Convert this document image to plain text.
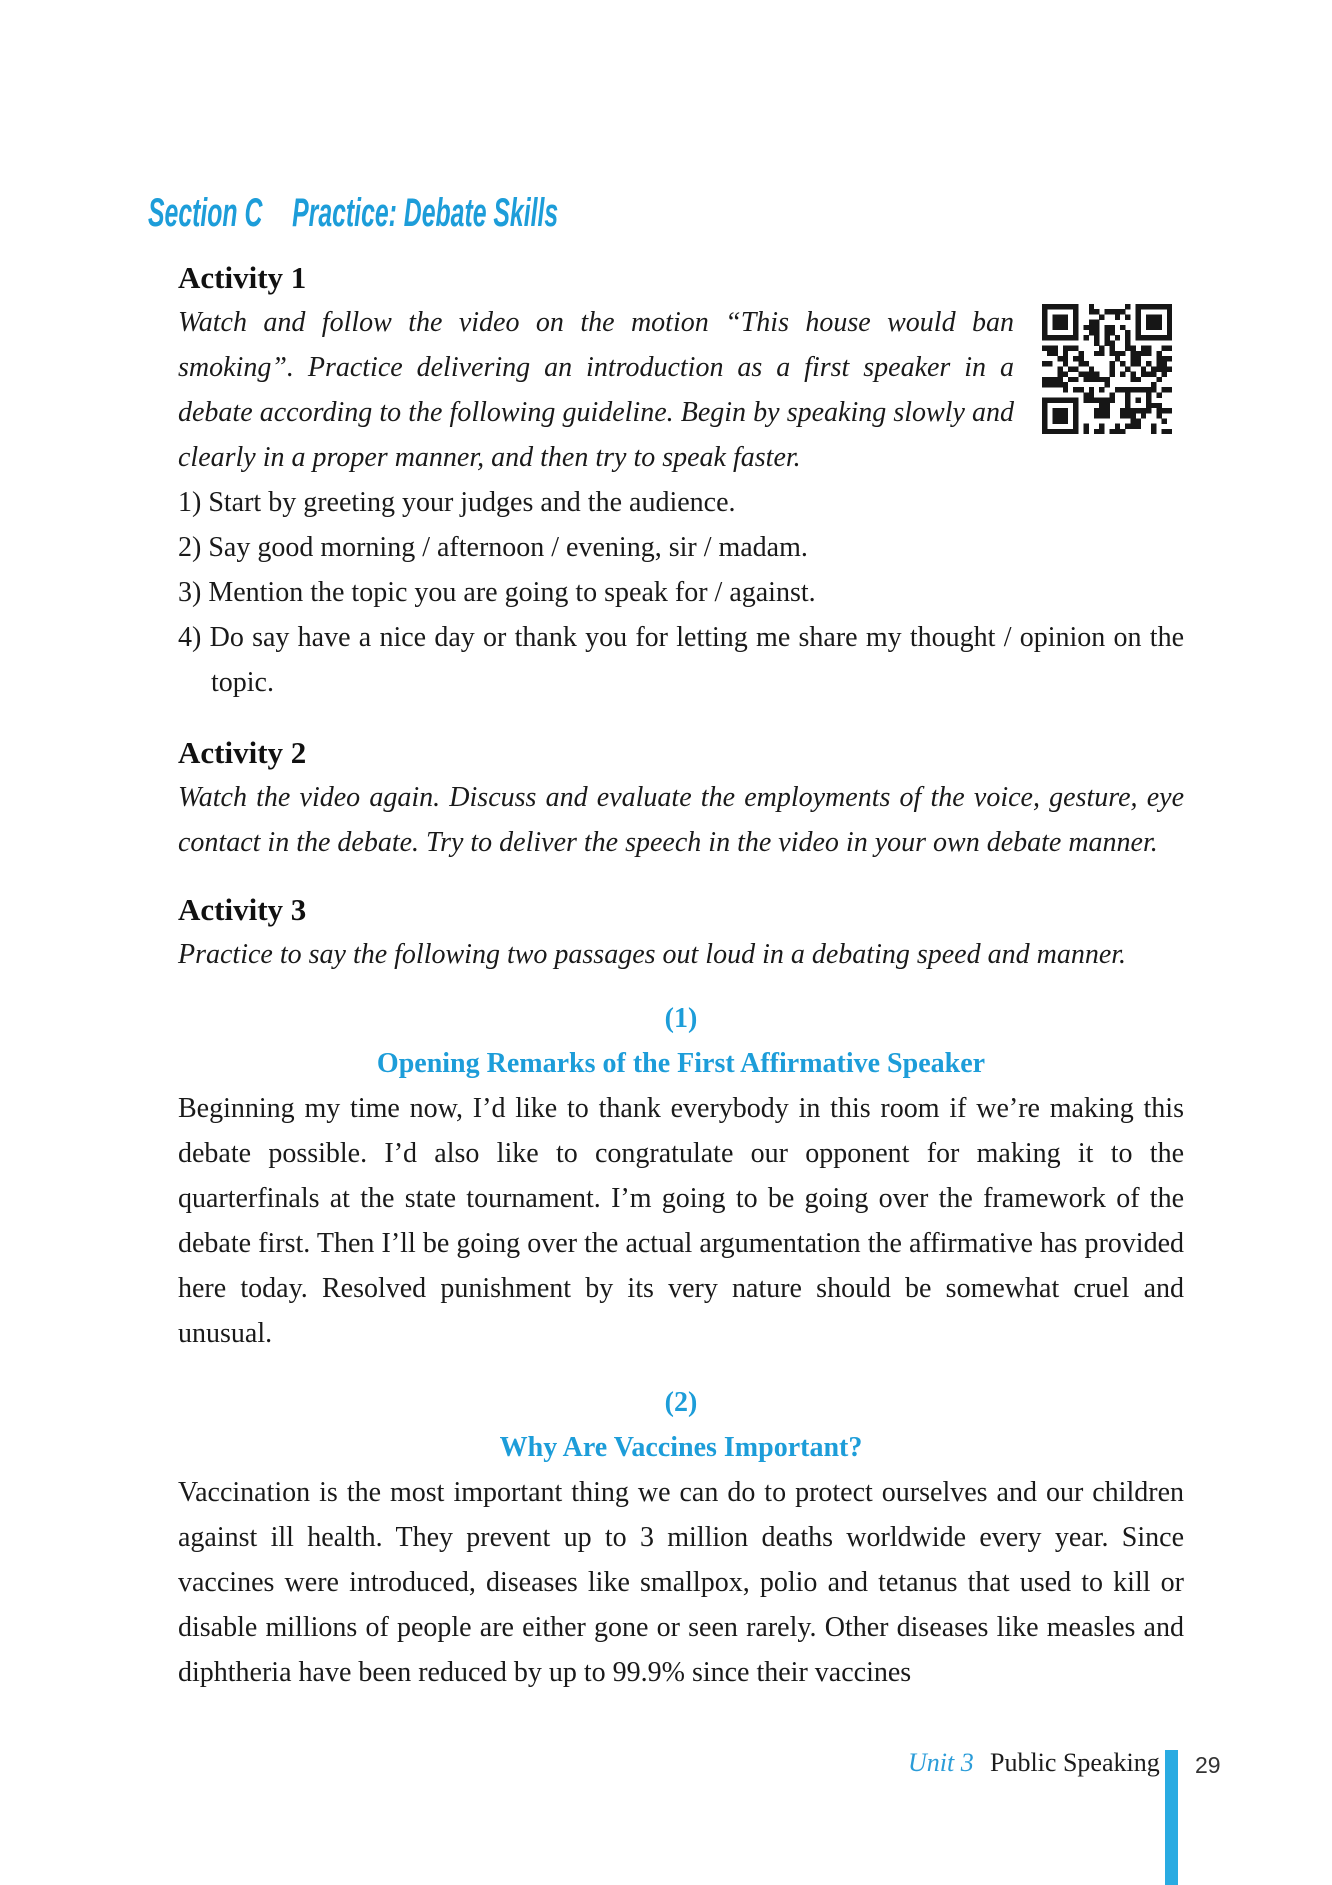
Section C Practice: Debate Skills
Activity 1

Watch and follow the video on the motion “This house would ban smoking”. Practice delivering an introduction as a first speaker in a debate according to the following guideline. Begin by speaking slowly and clearly in a proper manner, and then try to speak faster.

1) Start by greeting your judges and the audience.
2) Say good morning / afternoon / evening, sir / madam.
3) Mention the topic you are going to speak for / against.
4) Do say have a nice day or thank you for letting me share my thought / opinion on the topic.
Activity 2

Watch the video again. Discuss and evaluate the employments of the voice, gesture, eye contact in the debate. Try to deliver the speech in the video in your own debate manner.

Activity 3

Practice to say the following two passages out loud in a debating speed and manner.

(1)

Opening Remarks of the First Affirmative Speaker

Beginning my time now, I’d like to thank everybody in this room if we’re making this debate possible. I’d also like to congratulate our opponent for making it to the quarterfinals at the state tournament. I’m going to be going over the framework of the debate first. Then I’ll be going over the actual argumentation the affirmative has provided here today. Resolved punishment by its very nature should be somewhat cruel and unusual.

(2)

Why Are Vaccines Important?

Vaccination is the most important thing we can do to protect ourselves and our children against ill health. They prevent up to 3 million deaths worldwide every year. Since vaccines were introduced, diseases like smallpox, polio and tetanus that used to kill or disable millions of people are either gone or seen rarely. Other diseases like measles and diphtheria have been reduced by up to 99.9% since their vaccines

Unit 3 Public Speaking 29
